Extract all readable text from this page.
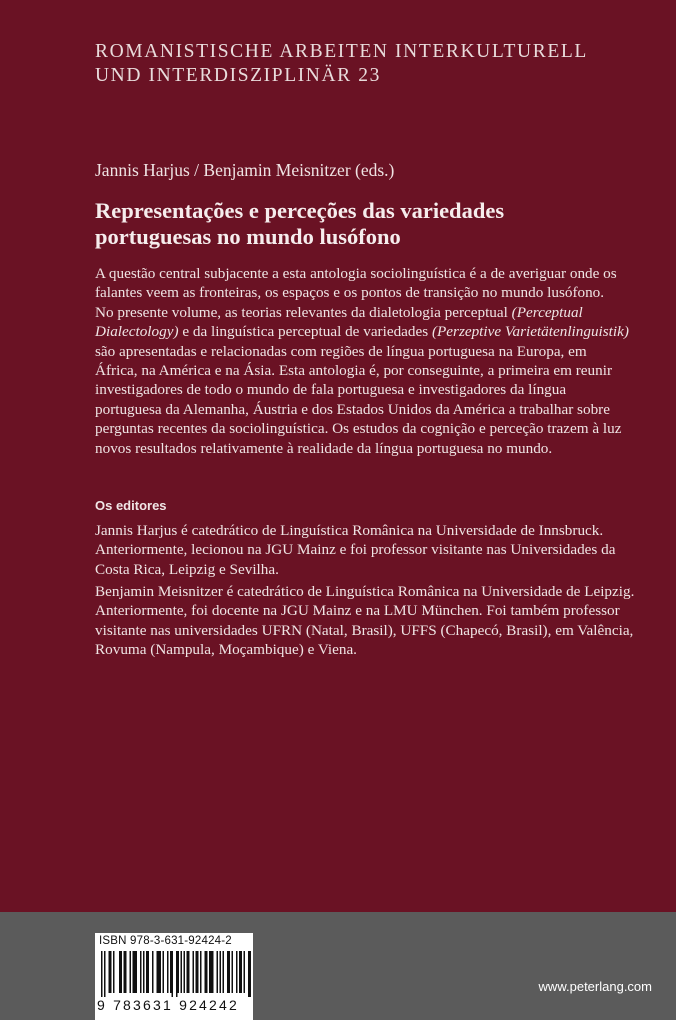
ROMANISTISCHE ARBEITEN INTERKULTURELL
UND INTERDISZIPLINÄR 23
Jannis Harjus / Benjamin Meisnitzer (eds.)
Representações e perceções das variedades
portuguesas no mundo lusófono
A questão central subjacente a esta antologia sociolinguística é a de averiguar onde os
falantes veem as fronteiras, os espaços e os pontos de transição no mundo lusófono.
No presente volume, as teorias relevantes da dialetologia perceptual (Perceptual
Dialectology) e da linguística perceptual de variedades (Perzeptive Varietätenlinguistik)
são apresentadas e relacionadas com regiões de língua portuguesa na Europa, em
África, na América e na Ásia. Esta antologia é, por conseguinte, a primeira em reunir
investigadores de todo o mundo de fala portuguesa e investigadores da língua
portuguesa da Alemanha, Áustria e dos Estados Unidos da América a trabalhar sobre
perguntas recentes da sociolinguística. Os estudos da cognição e perceção trazem à luz
novos resultados relativamente à realidade da língua portuguesa no mundo.
Os editores
Jannis Harjus é catedrático de Linguística Românica na Universidade de Innsbruck.
Anteriormente, lecionou na JGU Mainz e foi professor visitante nas Universidades da
Costa Rica, Leipzig e Sevilha.
Benjamin Meisnitzer é catedrático de Linguística Românica na Universidade de Leipzig.
Anteriormente, foi docente na JGU Mainz e na LMU München. Foi também professor
visitante nas universidades UFRN (Natal, Brasil), UFFS (Chapecó, Brasil), em Valência,
Rovuma (Nampula, Moçambique) e Viena.
ISBN 978-3-631-92424-2
9 783631 924242
www.peterlang.com
